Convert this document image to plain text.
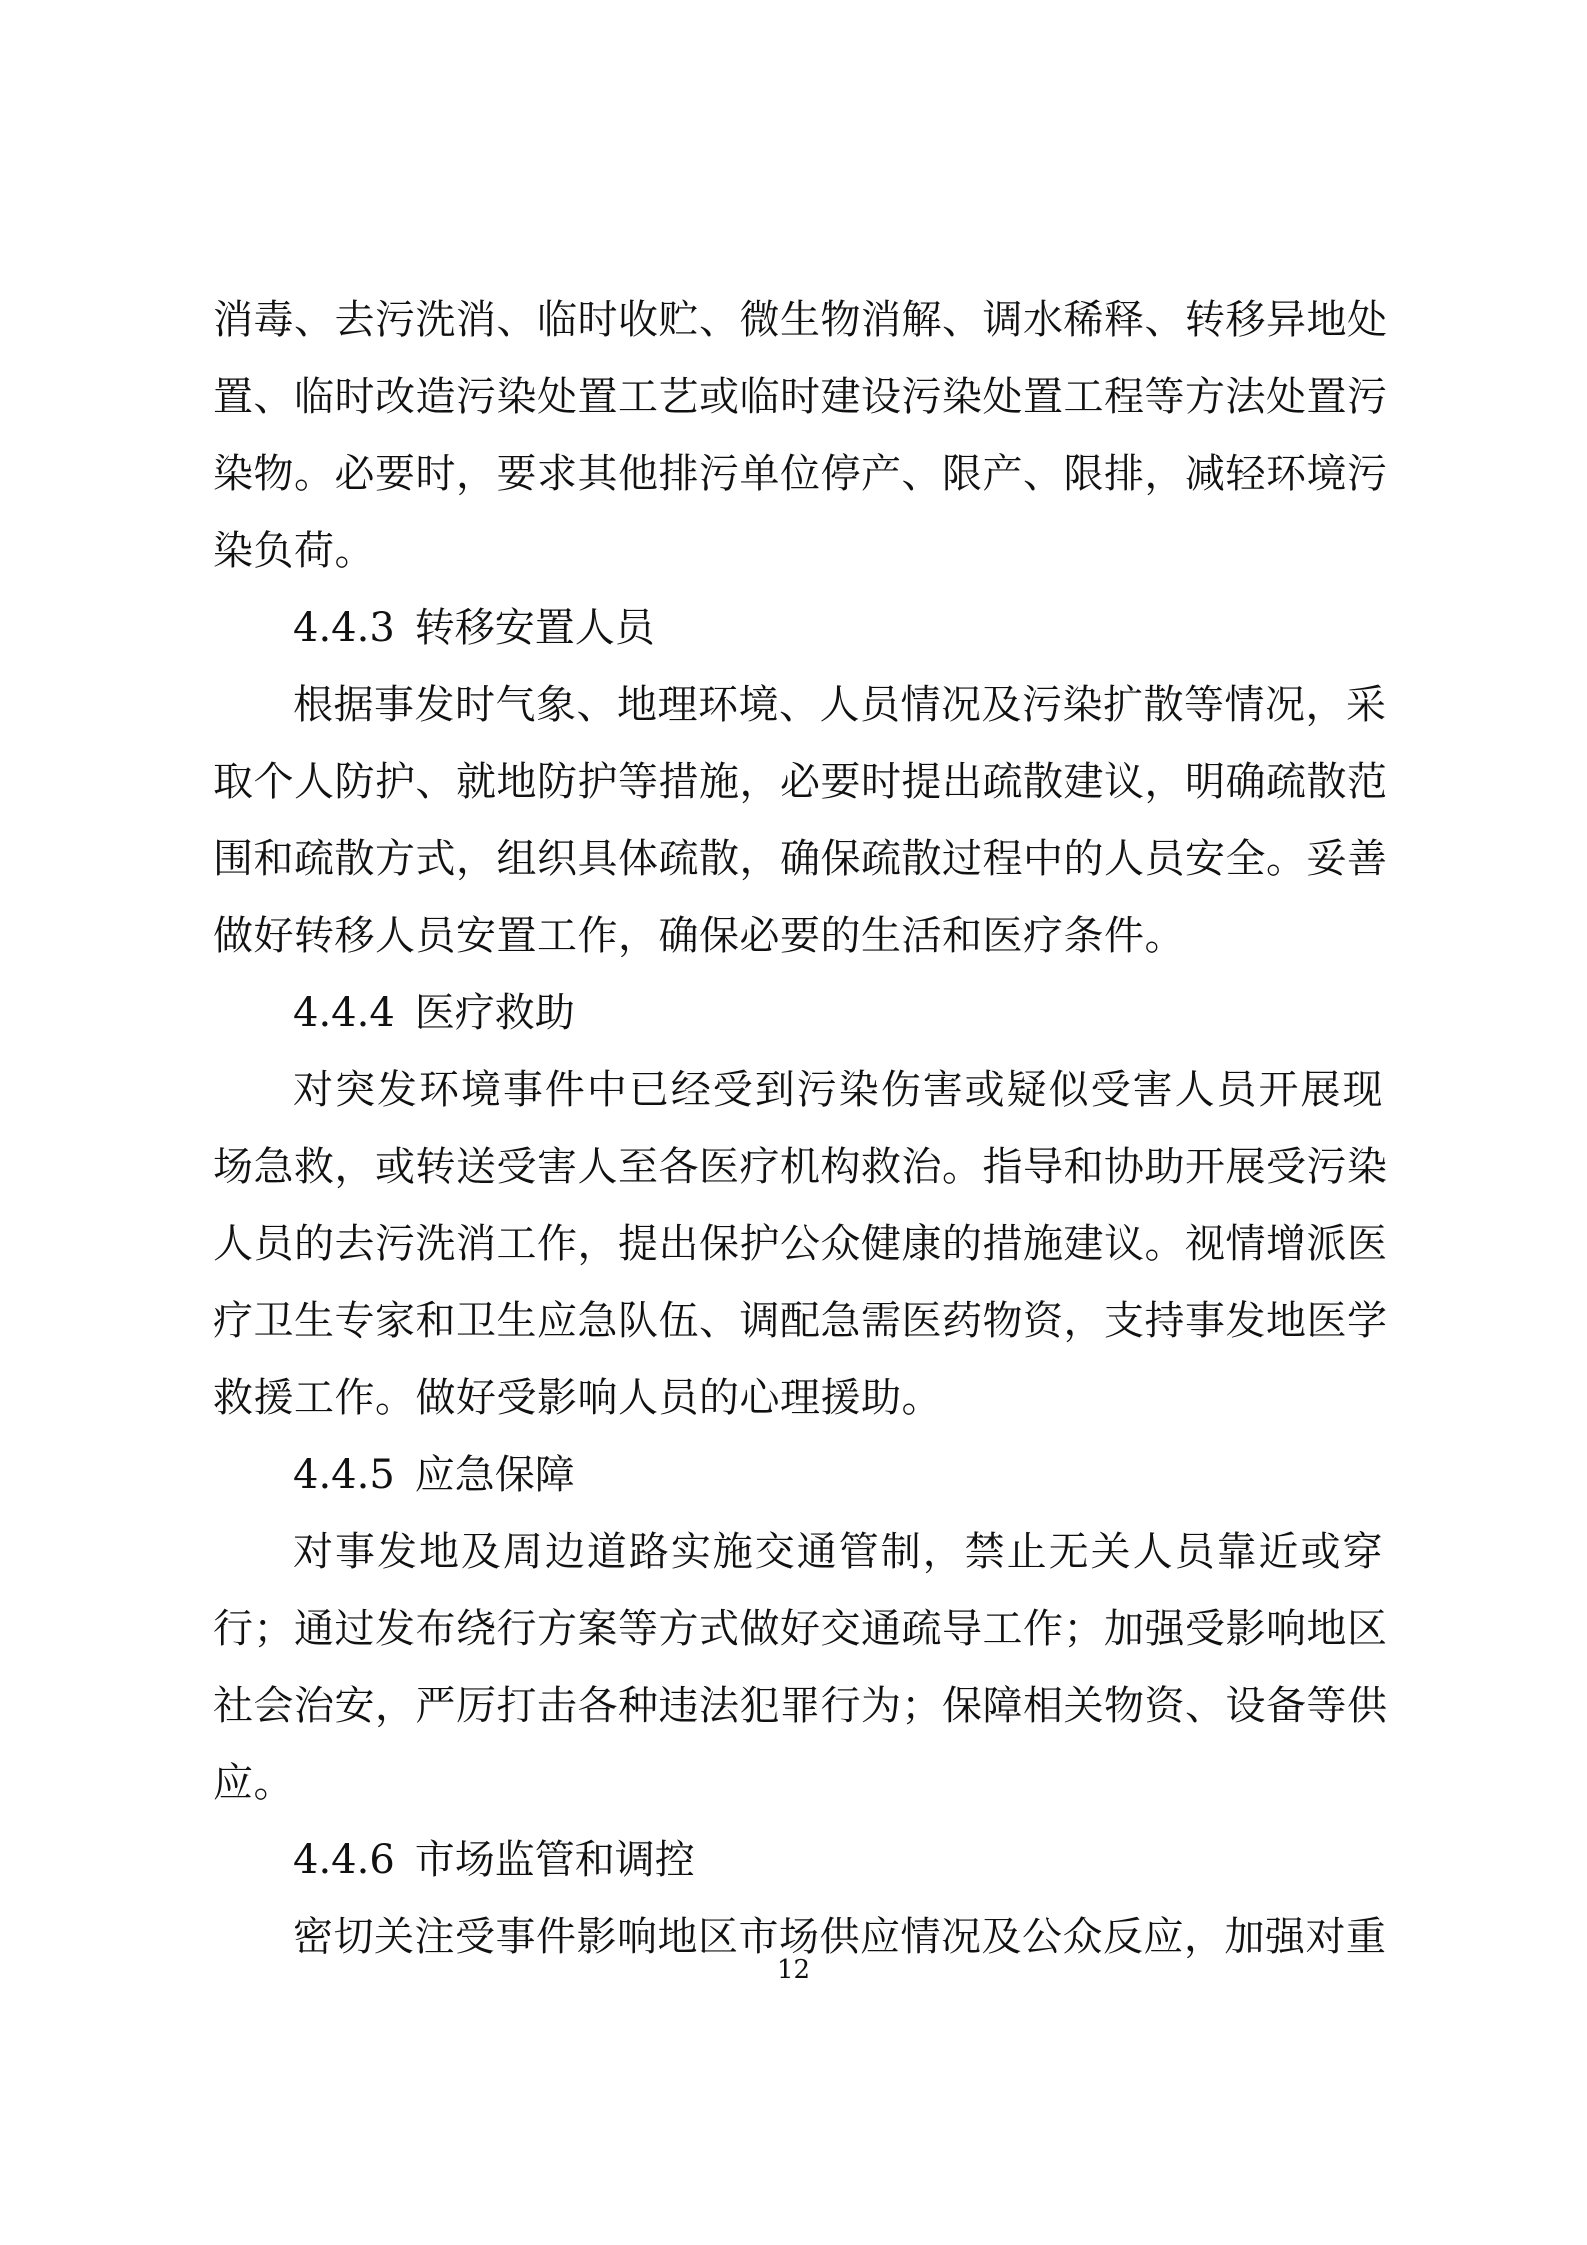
消毒、去污洗消、临时收贮、微生物消解、调水稀释、转移异地处
置、临时改造污染处置工艺或临时建设污染处置工程等方法处置污
染物。必要时，要求其他排污单位停产、限产、限排，减轻环境污
染负荷。
4.4.3 转移安置人员
根据事发时气象、地理环境、人员情况及污染扩散等情况，采
取个人防护、就地防护等措施，必要时提出疏散建议，明确疏散范
围和疏散方式，组织具体疏散，确保疏散过程中的人员安全。妥善
做好转移人员安置工作，确保必要的生活和医疗条件。
4.4.4 医疗救助
对突发环境事件中已经受到污染伤害或疑似受害人员开展现
场急救，或转送受害人至各医疗机构救治。指导和协助开展受污染
人员的去污洗消工作，提出保护公众健康的措施建议。视情增派医
疗卫生专家和卫生应急队伍、调配急需医药物资，支持事发地医学
救援工作。做好受影响人员的心理援助。
4.4.5 应急保障
对事发地及周边道路实施交通管制，禁止无关人员靠近或穿
行；通过发布绕行方案等方式做好交通疏导工作；加强受影响地区
社会治安，严厉打击各种违法犯罪行为；保障相关物资、设备等供
应。
4.4.6 市场监管和调控
密切关注受事件影响地区市场供应情况及公众反应，加强对重
12
